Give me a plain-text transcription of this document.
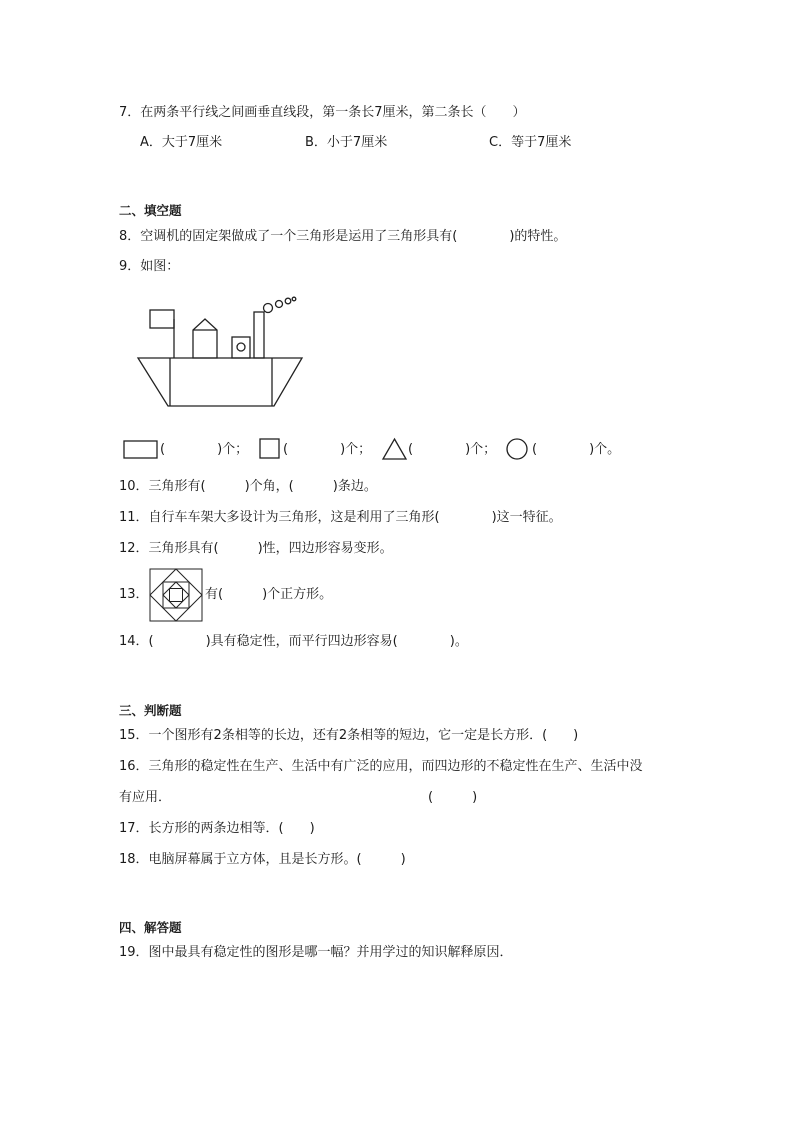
7．在两条平行线之间画垂直线段，第一条长7厘米，第二条长（　　）
A．大于7厘米	B．小于7厘米	C．等于7厘米
二、填空题
8．空调机的固定架做成了一个三角形是运用了三角形具有(　　　　)的特性。
9．如图：
(　　　　)个；	(　　　　)个；	(　　　　)个；	(　　　　)个。
10．三角形有(　　　)个角，(　　　)条边。
11．自行车车架大多设计为三角形，这是利用了三角形(　　　　)这一特征。
12．三角形具有(　　　)性，四边形容易变形。
13．	有(　　　)个正方形。
14．(　　　　)具有稳定性，而平行四边形容易(　　　　)。
三、判断题
15．一个图形有2条相等的长边，还有2条相等的短边，它一定是长方形．(　　)
16．三角形的稳定性在生产、生活中有广泛的应用，而四边形的不稳定性在生产、生活中没
有应用．	(　　　)
17．长方形的两条边相等．(　　)
18．电脑屏幕属于立方体，且是长方形。(　　　)
四、解答题
19．图中最具有稳定性的图形是哪一幅？并用学过的知识解释原因．
